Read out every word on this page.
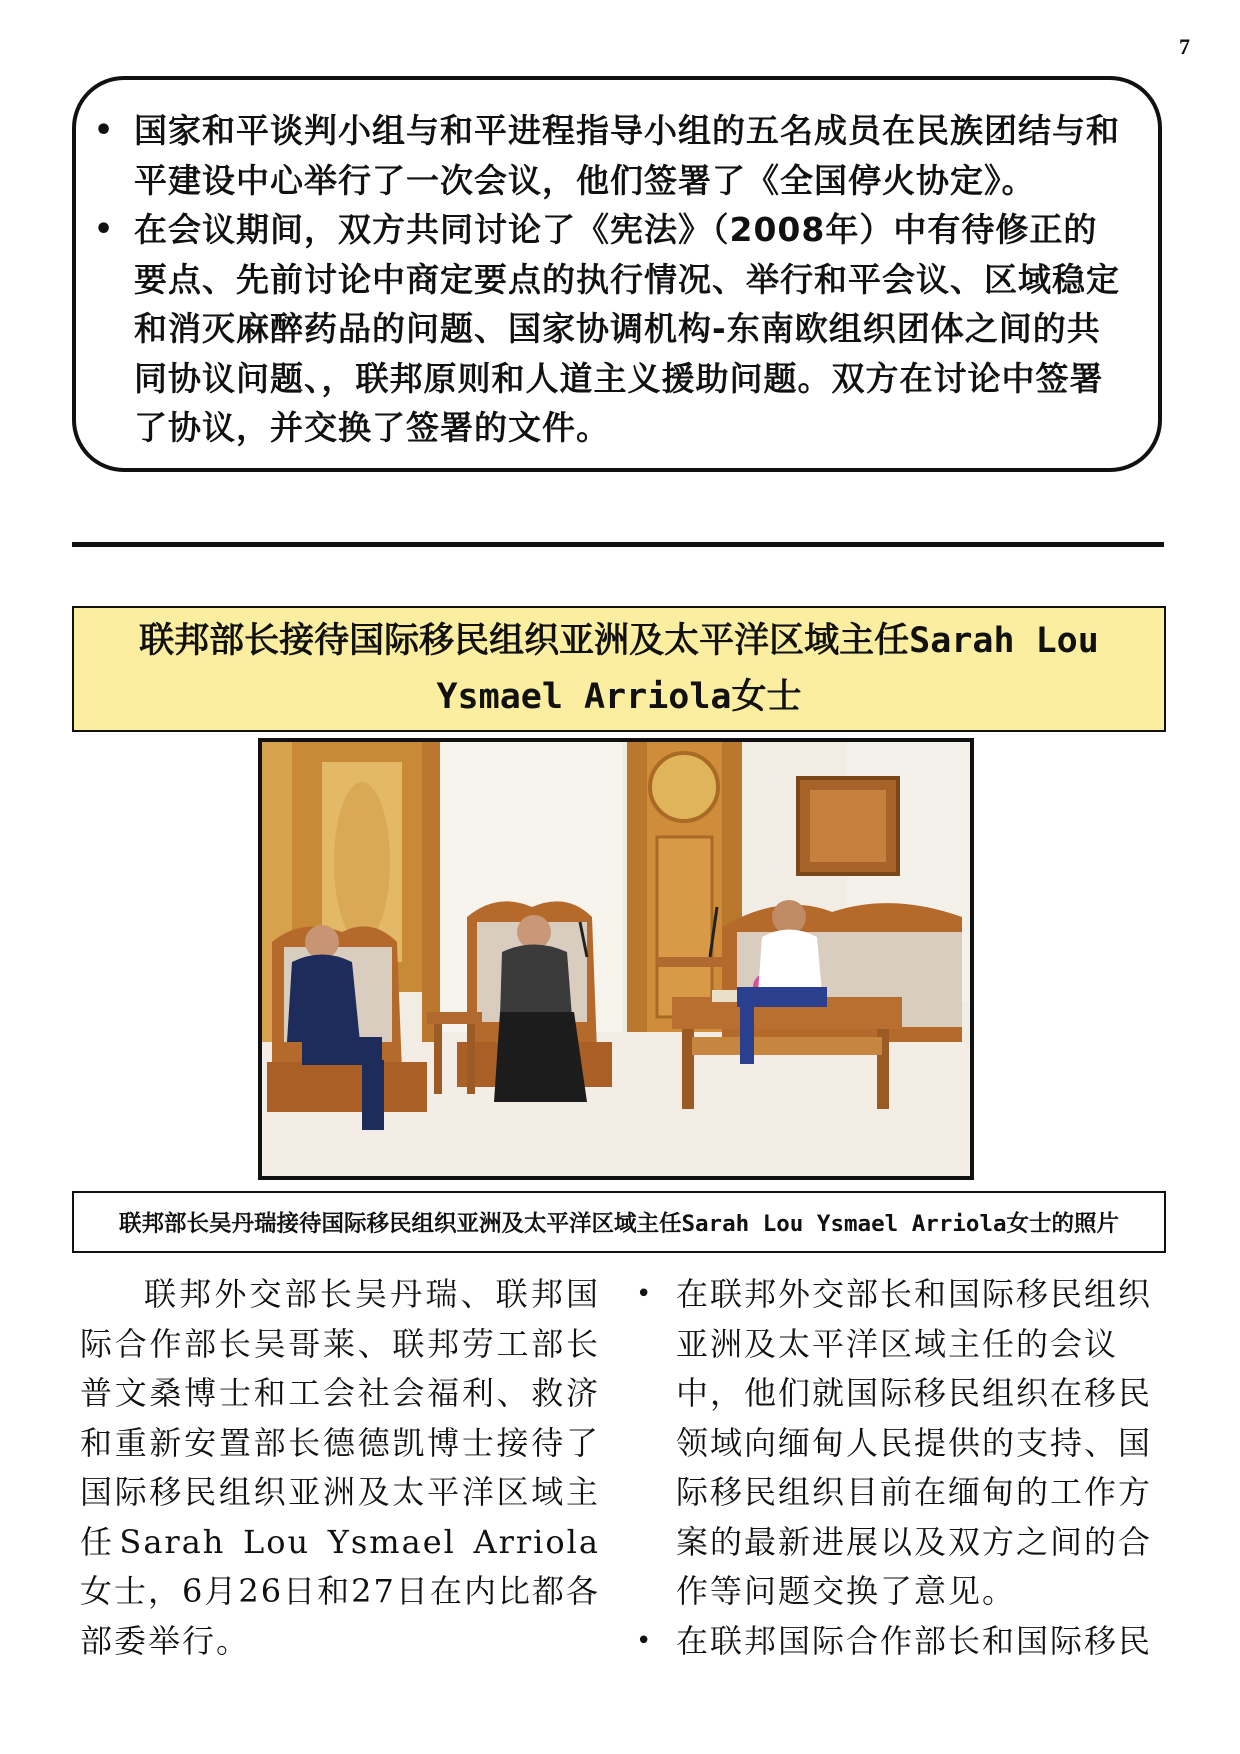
7
• 国家和平谈判小组与和平进程指导小组的五名成员在民族团结与和平建设中心举行了一次会议，他们签署了《全国停火协定》。
• 在会议期间，双方共同讨论了《宪法》（2008年）中有待修正的要点、先前讨论中商定要点的执行情况、举行和平会议、区域稳定和消灭麻醉药品的问题、国家协调机构-东南欧组织团体之间的共同协议问题、，联邦原则和人道主义援助问题。双方在讨论中签署了协议，并交换了签署的文件。
联邦部长接待国际移民组织亚洲及太平洋区域主任Sarah Lou Ysmael Arriola女士
联邦部长吴丹瑞接待国际移民组织亚洲及太平洋区域主任Sarah Lou Ysmael Arriola女士的照片

联邦外交部长吴丹瑞、联邦国际合作部长吴哥莱、联邦劳工部长普文桑博士和工会社会福利、救济和重新安置部长德德凯博士接待了国际移民组织亚洲及太平洋区域主任Sarah Lou Ysmael Arriola女士，6月26日和27日在内比都各部委举行。

• 在联邦外交部长和国际移民组织亚洲及太平洋区域主任的会议中，他们就国际移民组织在移民领域向缅甸人民提供的支持、国际移民组织目前在缅甸的工作方案的最新进展以及双方之间的合作等问题交换了意见。
• 在联邦国际合作部长和国际移民
